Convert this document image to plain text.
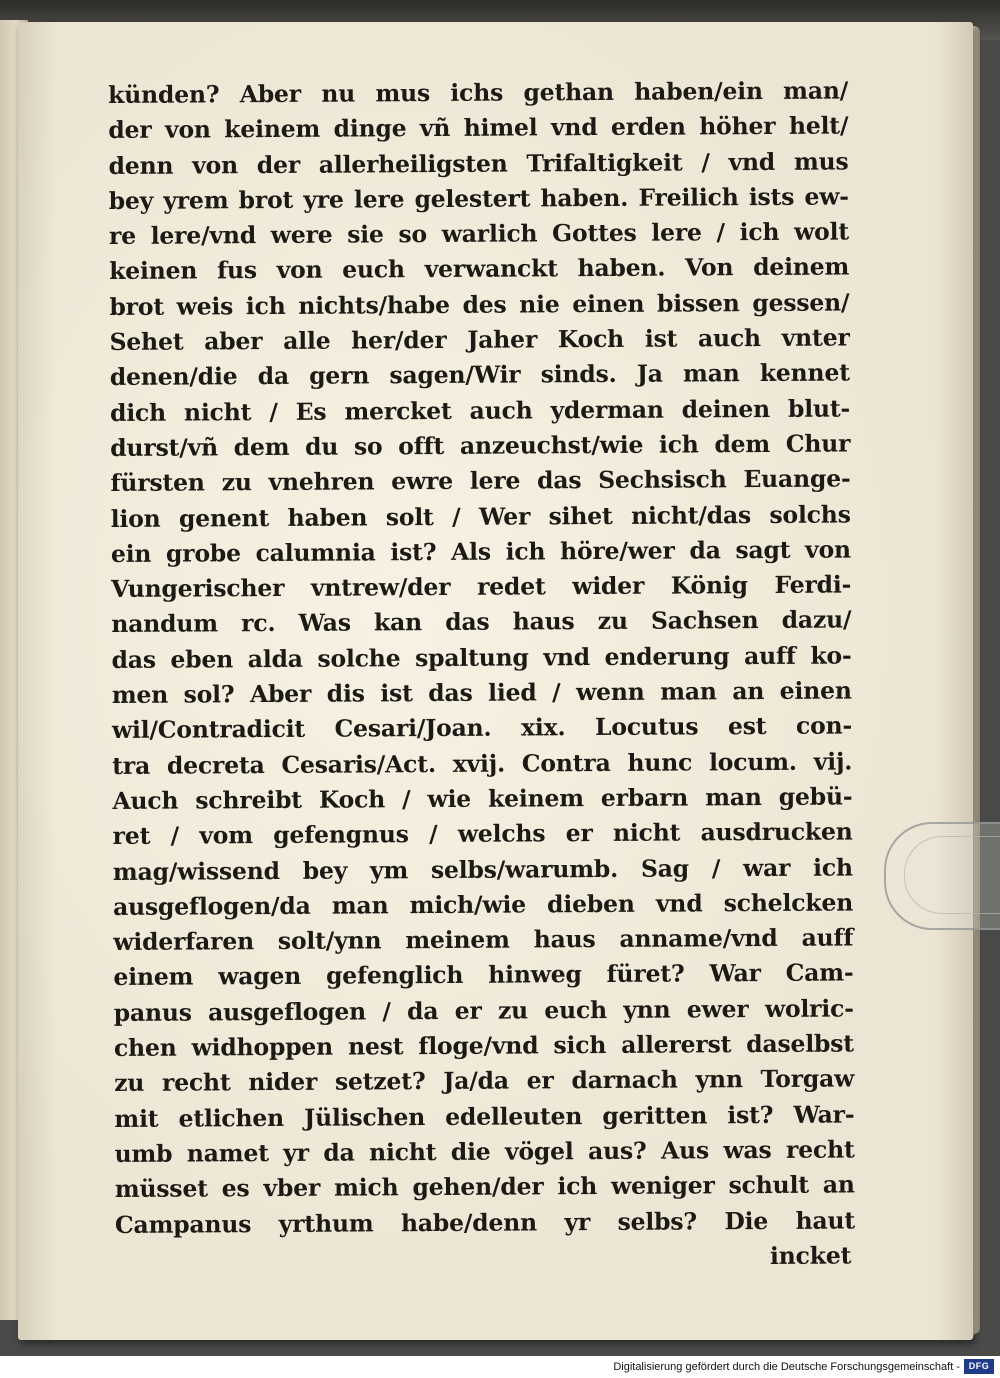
künden? Aber nu mus ichs gethan haben/ein man/
der von keinem dinge vñ himel vnd erden höher helt/
denn von der allerheiligsten Trifaltigkeit / vnd mus
bey yrem brot yre lere gelestert haben. Freilich ists ew-
re lere/vnd were sie so warlich Gottes lere / ich wolt
keinen fus von euch verwanckt haben. Von deinem
brot weis ich nichts/habe des nie einen bissen gessen/
Sehet aber alle her/der Jaher Koch ist auch vnter
denen/die da gern sagen/Wir sinds. Ja man kennet
dich nicht / Es mercket auch yderman deinen blut-
durst/vñ dem du so offt anzeuchst/wie ich dem Chur
fürsten zu vnehren ewre lere das Sechsisch Euange-
lion genent haben solt / Wer sihet nicht/das solchs
ein grobe calumnia ist? Als ich höre/wer da sagt von
Vungerischer vntrew/der redet wider König Ferdi-
nandum rc. Was kan das haus zu Sachsen dazu/
das eben alda solche spaltung vnd enderung auff ko-
men sol? Aber dis ist das lied / wenn man an einen
wil/Contradicit Cesari/Joan. xix. Locutus est con-
tra decreta Cesaris/Act. xvij. Contra hunc locum. vij.
Auch schreibt Koch / wie keinem erbarn man gebü-
ret / vom gefengnus / welchs er nicht ausdrucken
mag/wissend bey ym selbs/warumb. Sag / war ich
ausgeflogen/da man mich/wie dieben vnd schelcken
widerfaren solt/ynn meinem haus anname/vnd auff
einem wagen gefenglich hinweg füret? War Cam-
panus ausgeflogen / da er zu euch ynn ewer wolric-
chen widhoppen nest floge/vnd sich allererst daselbst
zu recht nider setzet? Ja/da er darnach ynn Torgaw
mit etlichen Jülischen edelleuten geritten ist? War-
umb namet yr da nicht die vögel aus? Aus was recht
müsset es vber mich gehen/der ich weniger schult an
Campanus yrthum habe/denn yr selbs? Die haut
incket
Digitalisierung gefördert durch die Deutsche Forschungsgemeinschaft - DFG
